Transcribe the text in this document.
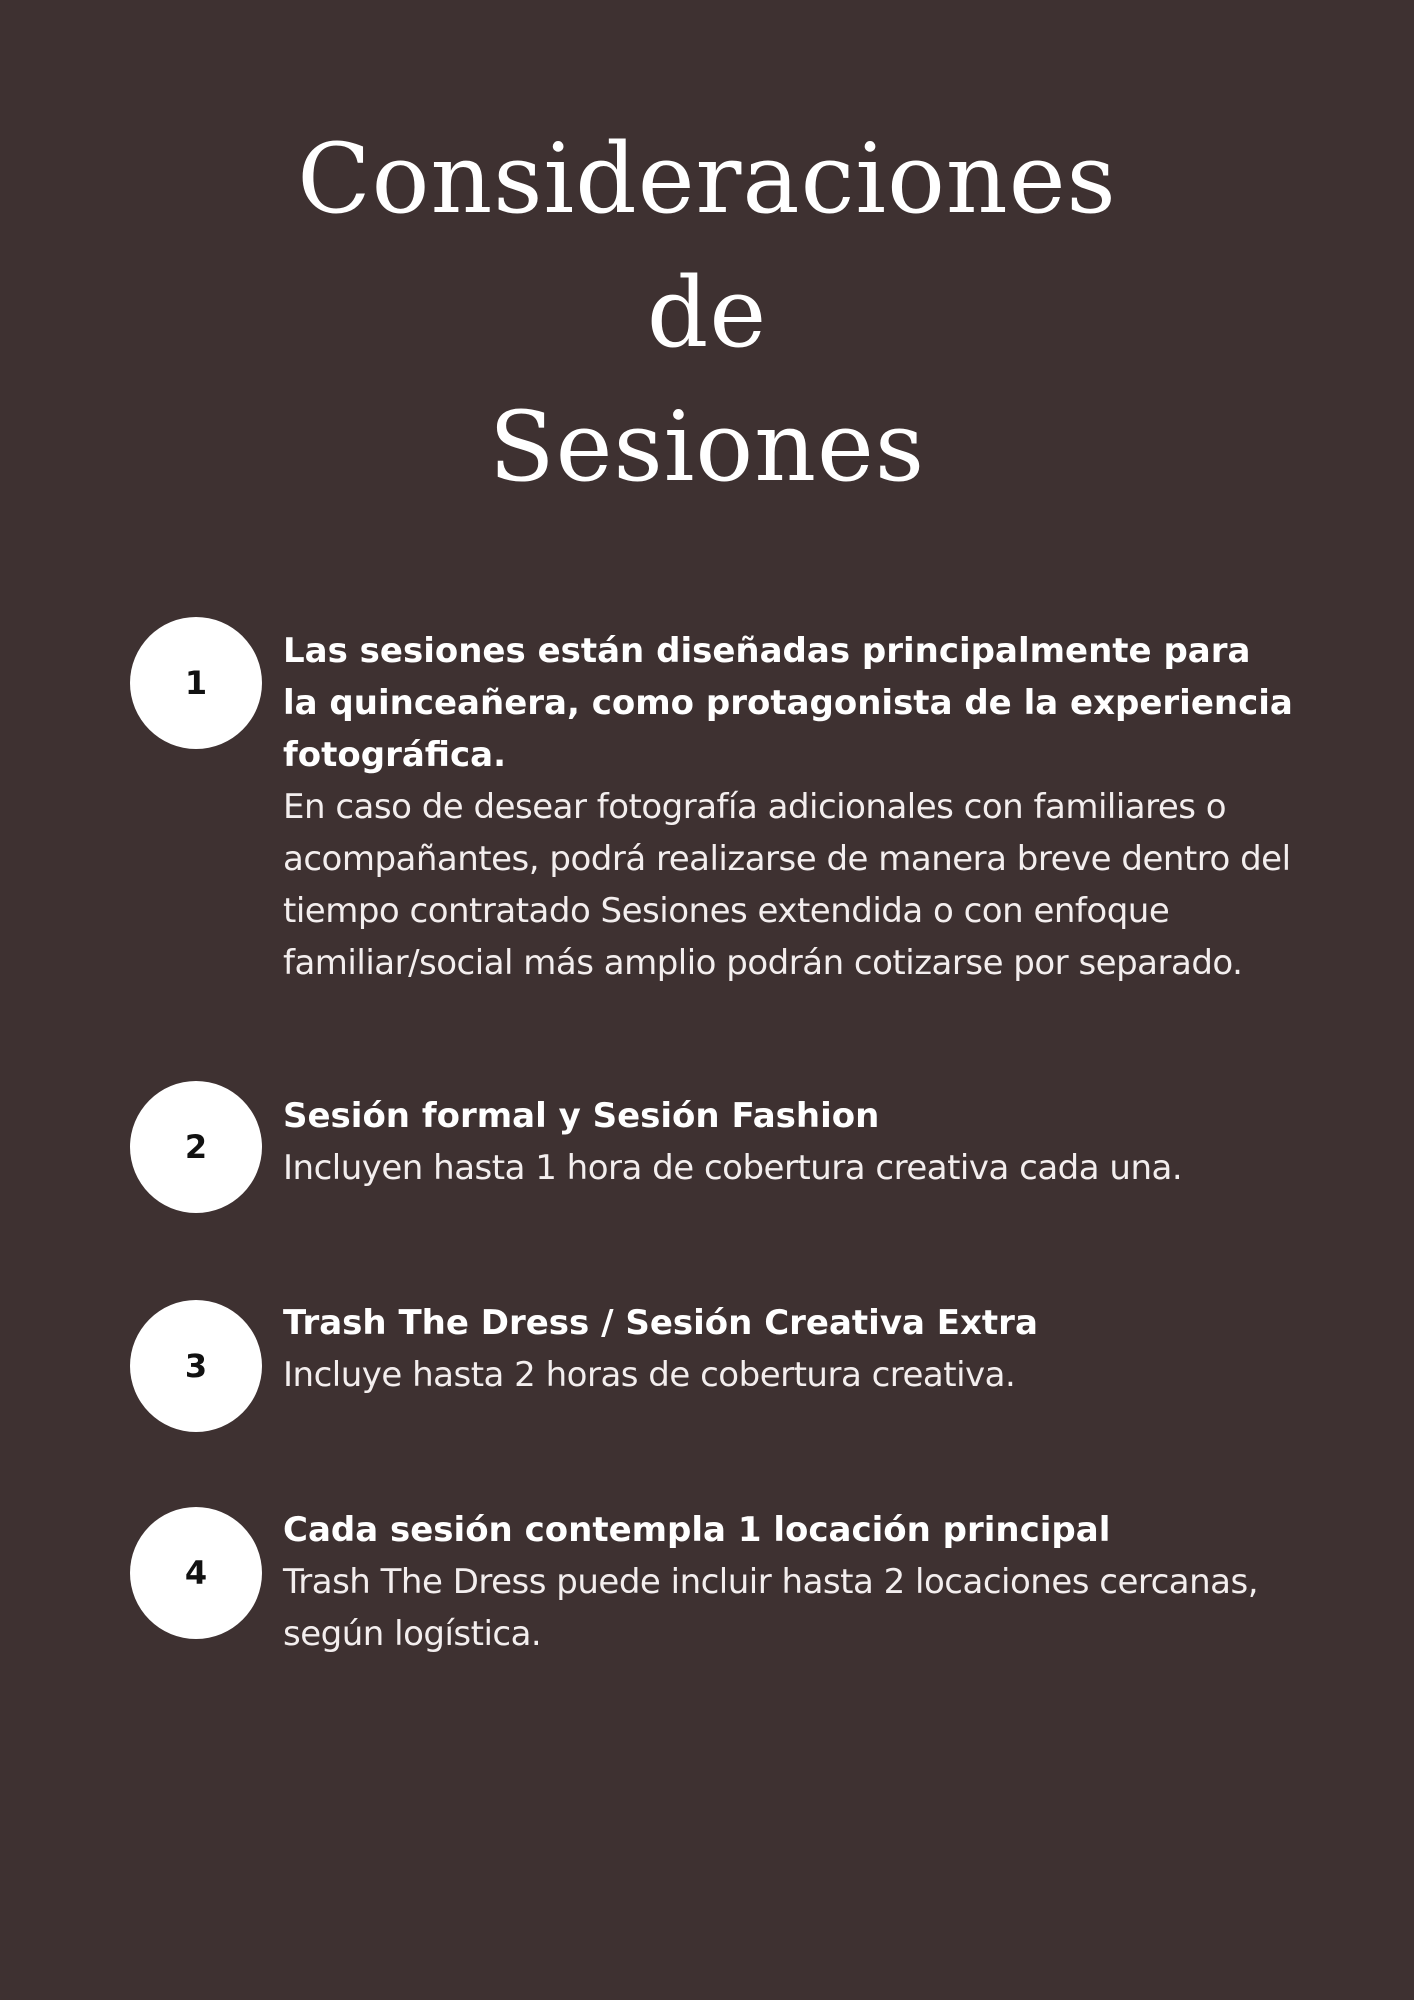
Consideraciones
de
Sesiones
1
Las sesiones están diseñadas principalmente para la quinceañera, como protagonista de la experiencia fotográfica.
En caso de desear fotografía adicionales con familiares o acompañantes, podrá realizarse de manera breve dentro del tiempo contratado Sesiones extendida o con enfoque familiar/social más amplio podrán cotizarse por separado.
2
Sesión formal y Sesión Fashion
Incluyen hasta 1 hora de cobertura creativa cada una.
3
Trash The Dress / Sesión Creativa Extra
Incluye hasta 2 horas de cobertura creativa.
4
Cada sesión contempla 1 locación principal
Trash The Dress puede incluir hasta 2 locaciones cercanas, según logística.
